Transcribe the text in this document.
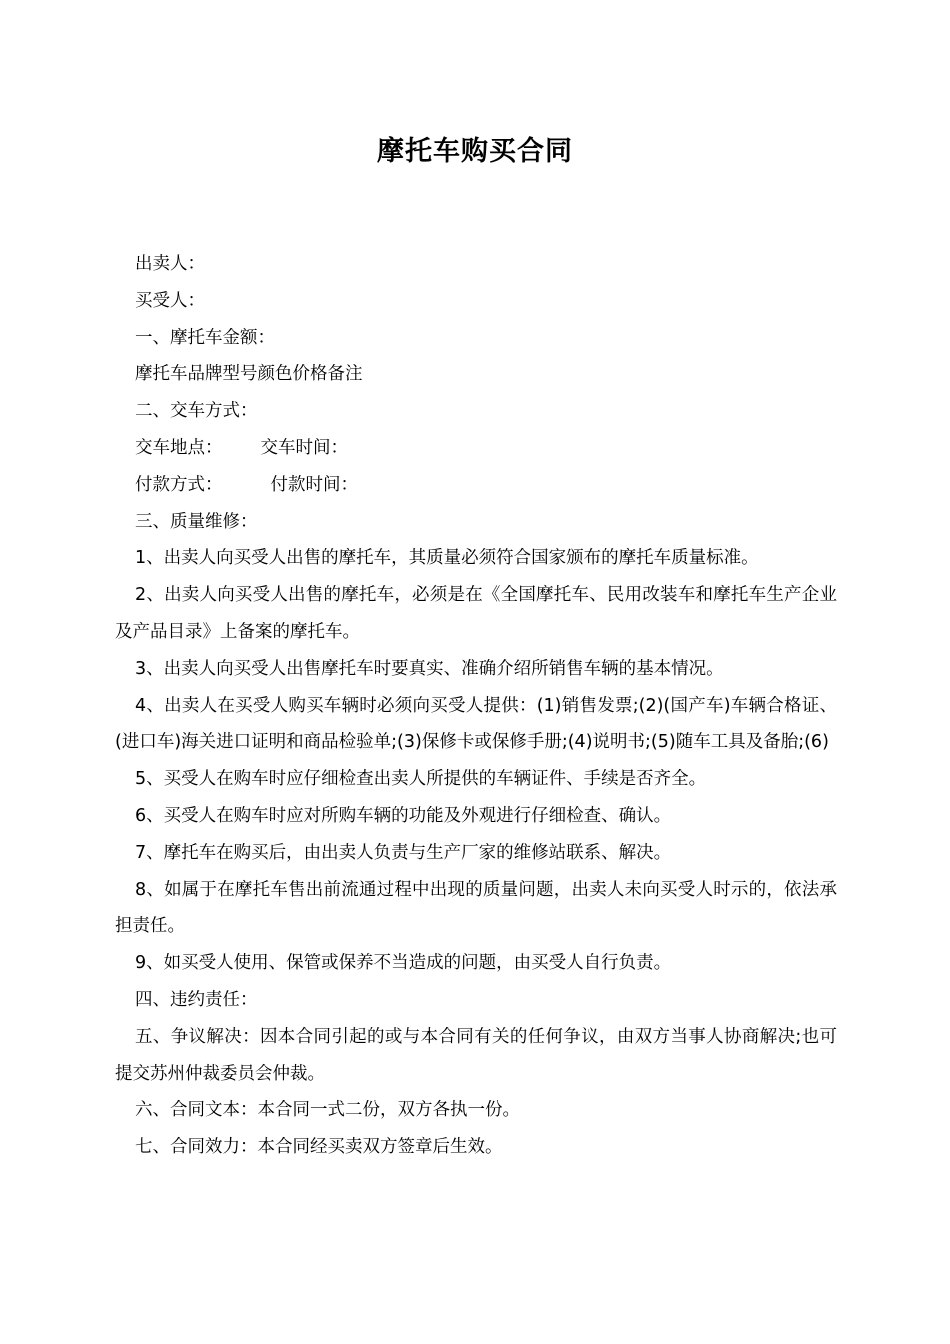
摩托车购买合同

出卖人：

买受人：

一、摩托车金额：

摩托车品牌型号颜色价格备注

二、交车方式：

交车地点： 交车时间：

付款方式：	付款时间：

三、质量维修：

1、出卖人向买受人出售的摩托车，其质量必须符合国家颁布的摩托车质量标准。

2、出卖人向买受人出售的摩托车，必须是在《全国摩托车、民用改装车和摩托车生产企业及产品目录》上备案的摩托车。

3、出卖人向买受人出售摩托车时要真实、准确介绍所销售车辆的基本情况。

4、出卖人在买受人购买车辆时必须向买受人提供：(1)销售发票;(2)(国产车)车辆合格证、(进口车)海关进口证明和商品检验单;(3)保修卡或保修手册;(4)说明书;(5)随车工具及备胎;(6)

5、买受人在购车时应仔细检查出卖人所提供的车辆证件、手续是否齐全。

6、买受人在购车时应对所购车辆的功能及外观进行仔细检查、确认。

7、摩托车在购买后，由出卖人负责与生产厂家的维修站联系、解决。

8、如属于在摩托车售出前流通过程中出现的质量问题，出卖人未向买受人时示的，依法承担责任。

9、如买受人使用、保管或保养不当造成的问题，由买受人自行负责。

四、违约责任：

五、争议解决：因本合同引起的或与本合同有关的任何争议，由双方当事人协商解决;也可提交苏州仲裁委员会仲裁。

六、合同文本：本合同一式二份，双方各执一份。

七、合同效力：本合同经买卖双方签章后生效。
